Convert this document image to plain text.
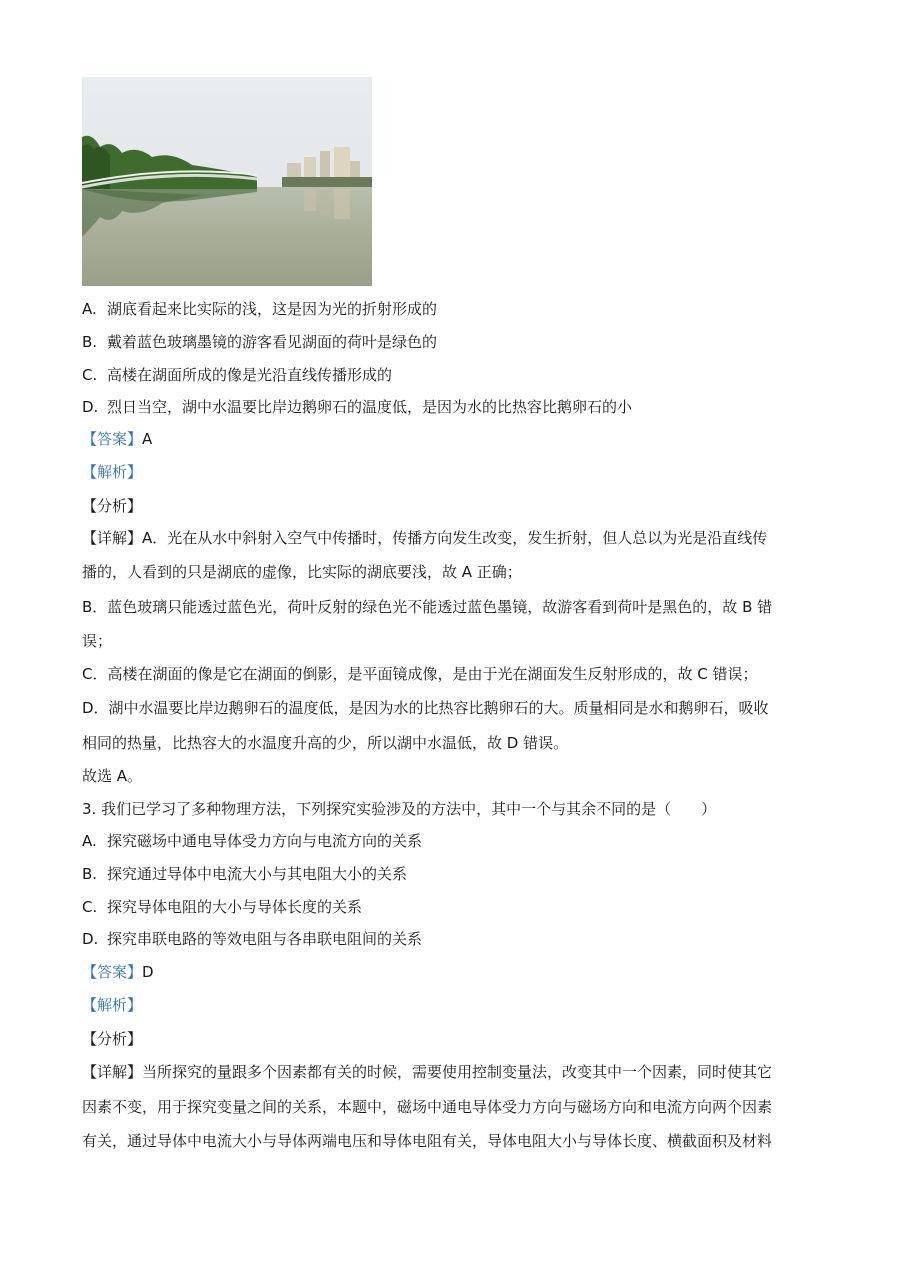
A. 湖底看起来比实际的浅，这是因为光的折射形成的
B. 戴着蓝色玻璃墨镜的游客看见湖面的荷叶是绿色的
C. 高楼在湖面所成的像是光沿直线传播形成的
D. 烈日当空，湖中水温要比岸边鹅卵石的温度低，是因为水的比热容比鹅卵石的小
【答案】A
【解析】
【分析】
【详解】A．光在从水中斜射入空气中传播时，传播方向发生改变，发生折射，但人总以为光是沿直线传
播的，人看到的只是湖底的虚像，比实际的湖底要浅，故 A 正确；
B．蓝色玻璃只能透过蓝色光，荷叶反射的绿色光不能透过蓝色墨镜，故游客看到荷叶是黑色的，故 B 错
误；
C．高楼在湖面的像是它在湖面的倒影，是平面镜成像，是由于光在湖面发生反射形成的，故 C 错误；
D．湖中水温要比岸边鹅卵石的温度低，是因为水的比热容比鹅卵石的大。质量相同是水和鹅卵石，吸收
相同的热量，比热容大的水温度升高的少，所以湖中水温低，故 D 错误。
故选 A。
3. 我们已学习了多种物理方法，下列探究实验涉及的方法中，其中一个与其余不同的是（　　）
A. 探究磁场中通电导体受力方向与电流方向的关系
B. 探究通过导体中电流大小与其电阻大小的关系
C. 探究导体电阻的大小与导体长度的关系
D. 探究串联电路的等效电阻与各串联电阻间的关系
【答案】D
【解析】
【分析】
【详解】当所探究的量跟多个因素都有关的时候，需要使用控制变量法，改变其中一个因素，同时使其它
因素不变，用于探究变量之间的关系，本题中，磁场中通电导体受力方向与磁场方向和电流方向两个因素
有关，通过导体中电流大小与导体两端电压和导体电阻有关，导体电阻大小与导体长度、横截面积及材料
